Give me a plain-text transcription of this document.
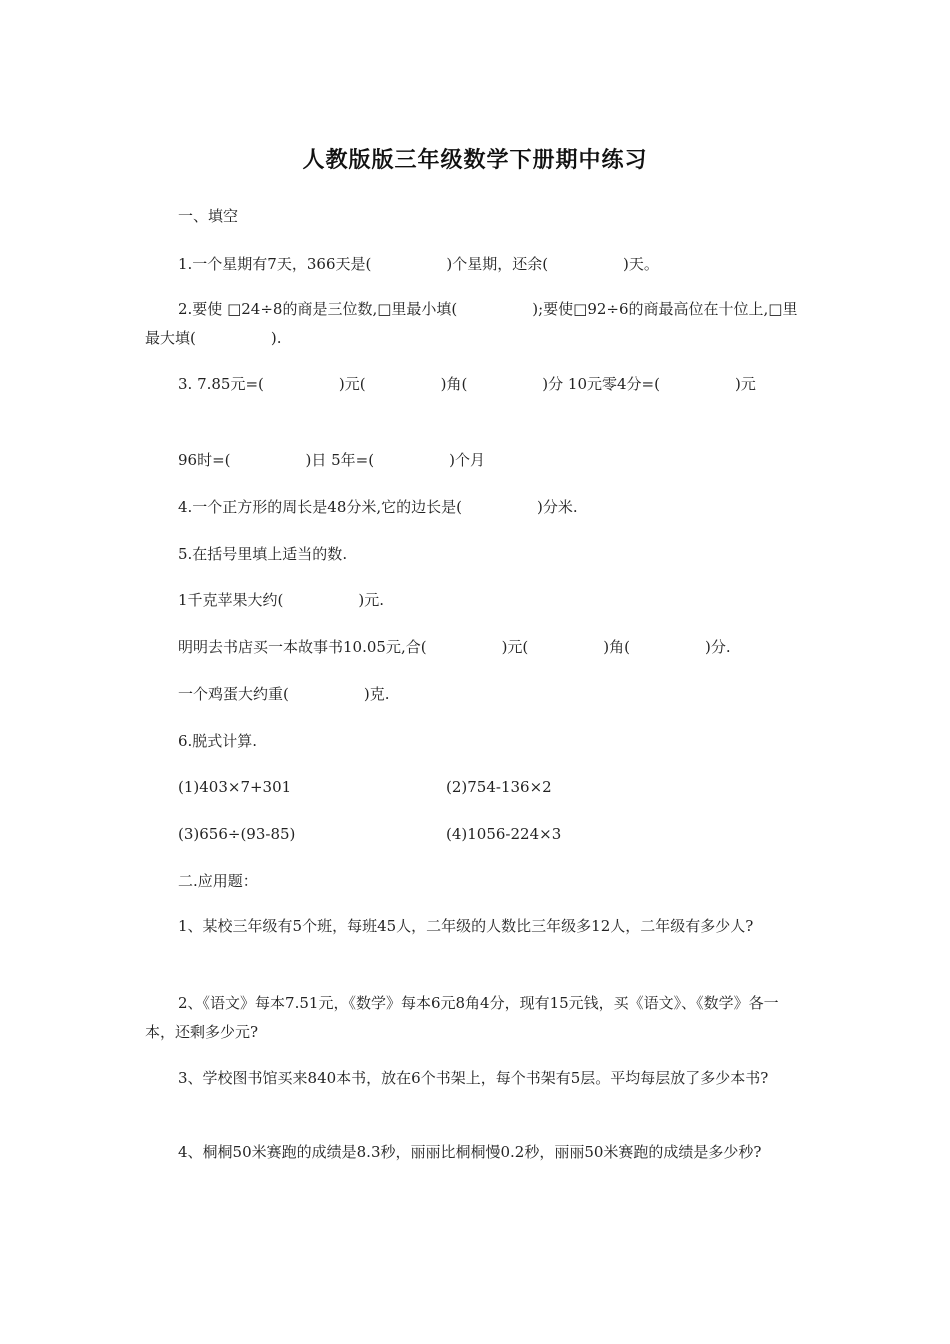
人教版版三年级数学下册期中练习
一、填空
1.一个星期有7天，366天是(　　　　　)个星期，还余(　　　　　)天。
2.要使 □24÷8的商是三位数,□里最小填(　　　　　);要使□92÷6的商最高位在十位上,□里最大填(　　　　　).
3. 7.85元=(　　　　　)元(　　　　　)角(　　　　　)分 10元零4分=(　　　　　)元
96时=(　　　　　)日 5年=(　　　　　)个月
4.一个正方形的周长是48分米,它的边长是(　　　　　)分米.
5.在括号里填上适当的数.
1千克苹果大约(　　　　　)元.
明明去书店买一本故事书10.05元,合(　　　　　)元(　　　　　)角(　　　　　)分.
一个鸡蛋大约重(　　　　　)克.
6.脱式计算.
(1)403×7+301	(2)754-136×2
(3)656÷(93-85)	(4)1056-224×3
二.应用题：
1、某校三年级有5个班，每班45人，二年级的人数比三年级多12人，二年级有多少人?
2、《语文》每本7.51元，《数学》每本6元8角4分，现有15元钱，买《语文》、《数学》各一本，还剩多少元?
3、学校图书馆买来840本书，放在6个书架上，每个书架有5层。平均每层放了多少本书?
4、桐桐50米赛跑的成绩是8.3秒，丽丽比桐桐慢0.2秒，丽丽50米赛跑的成绩是多少秒?
